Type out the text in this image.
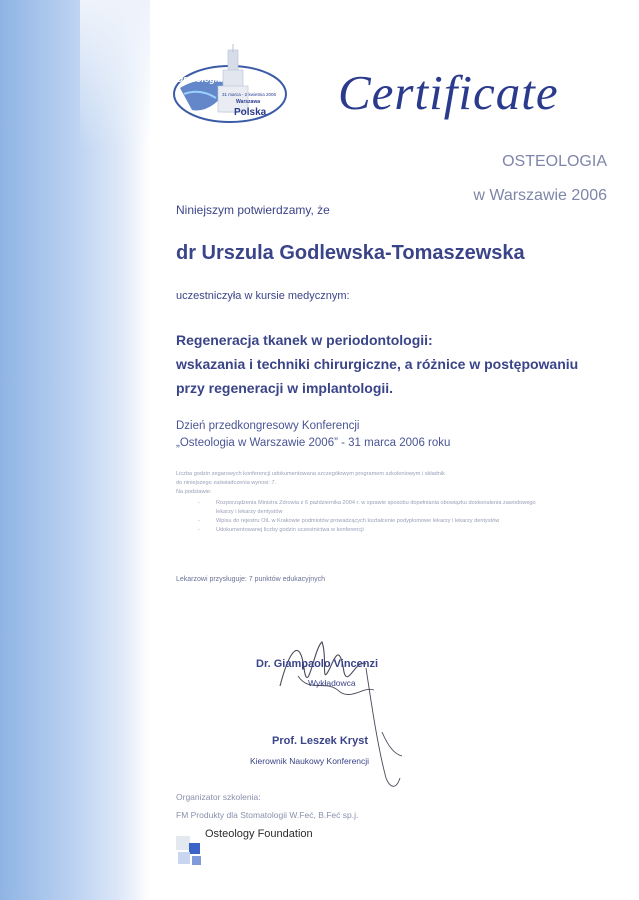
Osteologia
31 marca - 2 kwietnia 2006
Warszawa
Polska Certificate
OSTEOLOGIA
w Warszawie 2006
Niniejszym potwierdzamy, że
dr Urszula Godlewska-Tomaszewska
uczestniczyła w kursie medycznym:
Regeneracja tkanek w periodontologii:
wskazania i techniki chirurgiczne, a różnice w postępowaniu
przy regeneracji w implantologii.
Dzień przedkongresowy Konferencji
„Osteologia w Warszawie 2006” - 31 marca 2006 roku
Liczba godzin zegarowych konferencji udokumentowana szczegółowym programem szkoleniowym i składnik
do niniejszego zaświadczenia wynosi: 7.
Na podstawie:
- Rozporządzenia Ministra Zdrowia z 6 października 2004 r. w sprawie sposobu dopełniania obowiązku doskonalenia zawodowego lekarzy i lekarzy dentystów
- Wpisu do rejestru OIL w Krakowie podmiotów prowadzących kształcenie podyplomowe lekarzy i lekarzy dentystów
- Udokumentowanej liczby godzin uczestnictwa w konferencji
Lekarzowi przysługuje: 7 punktów edukacyjnych
Dr. Giampaolo Vincenzi
Wykładowca
Prof. Leszek Kryst
Kierownik Naukowy Konferencji
Organizator szkolenia:
FM Produkty dla Stomatologii W.Feć, B.Feć sp.j.
Osteology Foundation
